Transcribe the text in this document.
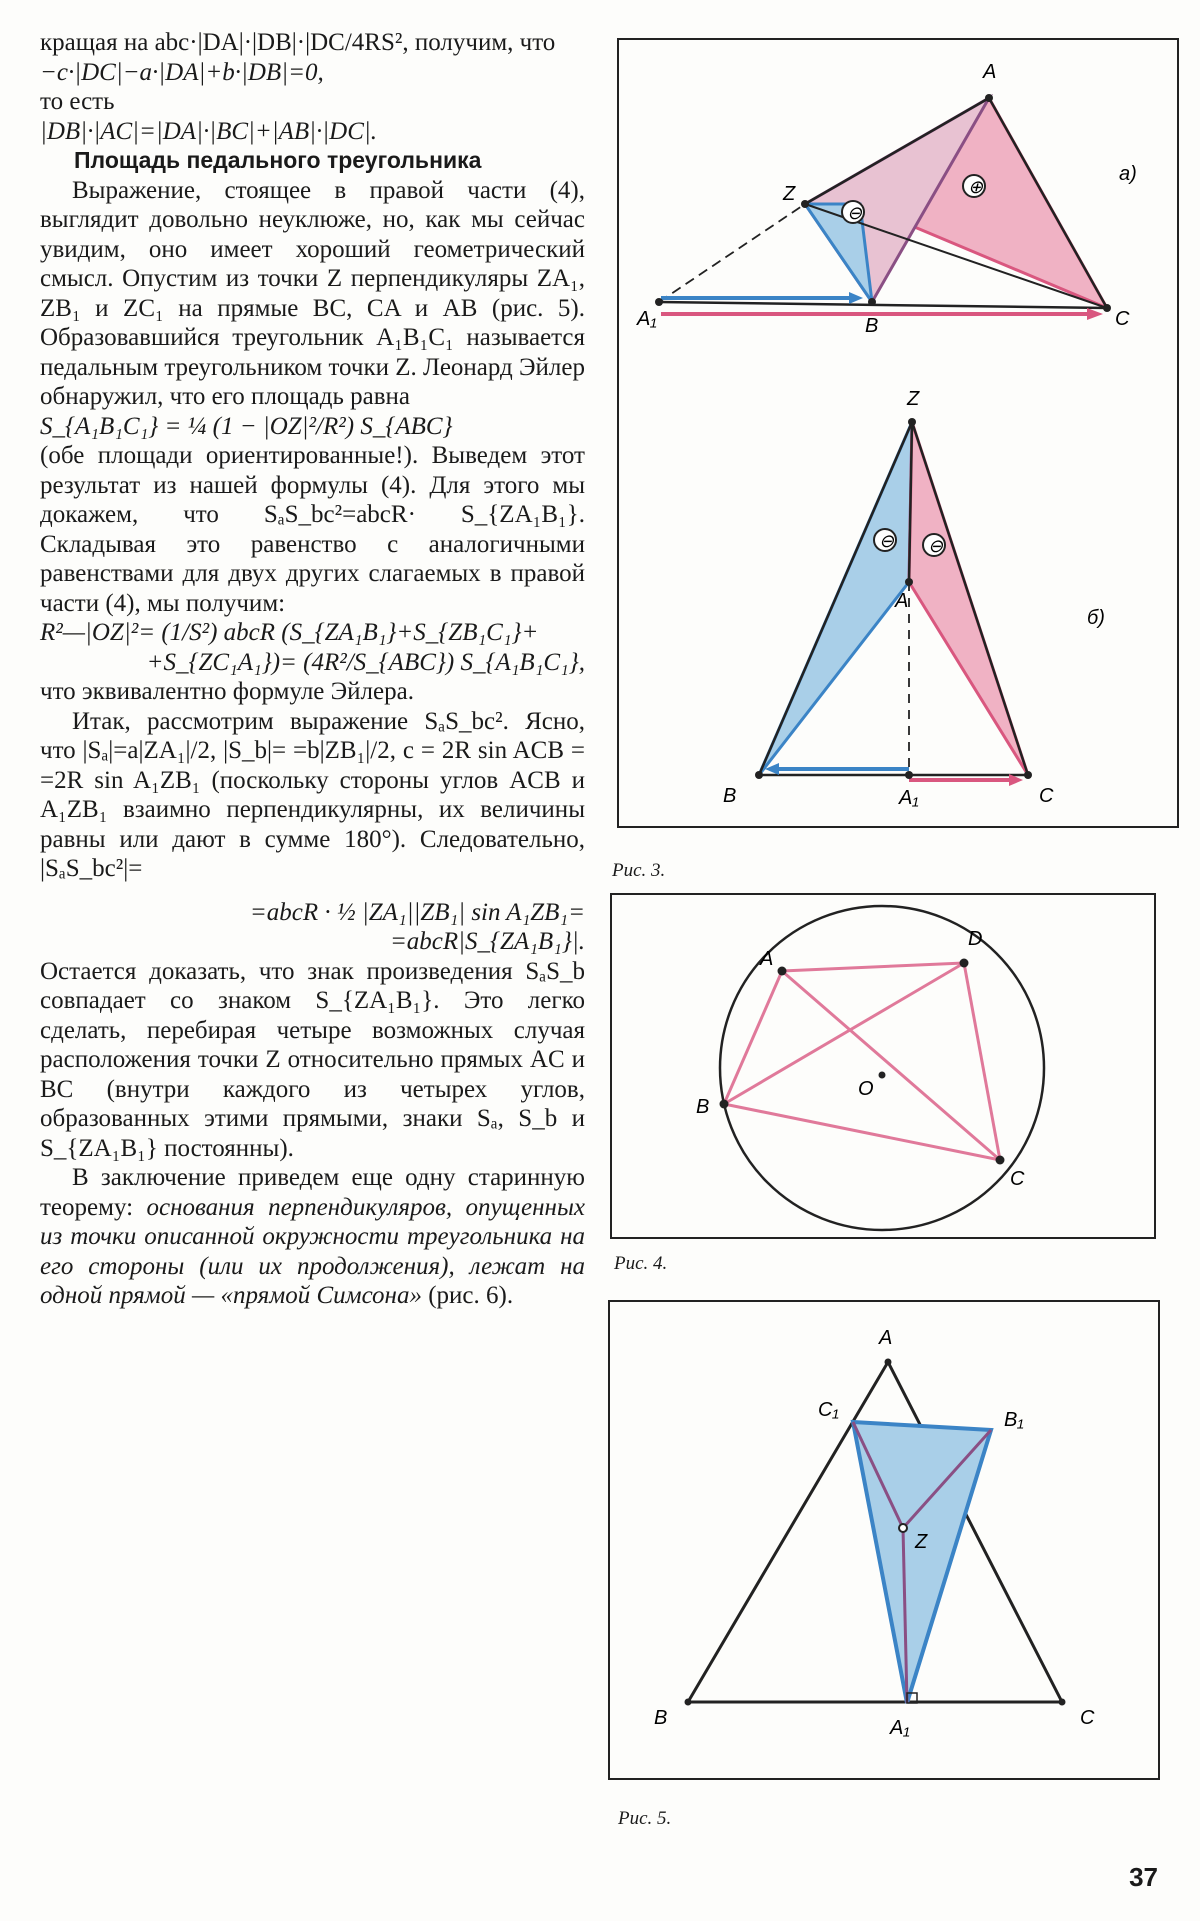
кращая на abc·|DA|·|DB|·|DC/4RS², получим, что

−c·|DC|−a·|DA|+b·|DB|=0,

то есть

|DB|·|AC|=|DA|·|BC|+|AB|·|DC|.

Площадь педального треугольника

Выражение, стоящее в правой части (4), выглядит довольно неуклюже, но, как мы сейчас увидим, оно имеет хороший геометрический смысл. Опустим из точки Z перпендикуляры ZA₁, ZB₁ и ZC₁ на прямые BC, CA и AB (рис. 5). Образовавшийся треугольник A₁B₁C₁ называется педальным треугольником точки Z. Леонард Эйлер обнаружил, что его площадь равна

S_{A₁B₁C₁} = ¼ (1 − |OZ|²/R²) S_{ABC}

(обе площади ориентированные!). Выведем этот результат из нашей формулы (4). Для этого мы докажем, что SₐS_bc²=abcR· S_{ZA₁B₁}. Складывая это равенство с аналогичными равенствами для двух других слагаемых в правой части (4), мы получим:

R²—|OZ|²= (1/S²) abcR (S_{ZA₁B₁}+S_{ZB₁C₁}+

+S_{ZC₁A₁})= (4R²/S_{ABC}) S_{A₁B₁C₁},

что эквивалентно формуле Эйлера.

Итак, рассмотрим выражение SₐS_bc². Ясно, что |Sₐ|=a|ZA₁|/2, |S_b|= =b|ZB₁|/2, c = 2R sin ACB = =2R sin A₁ZB₁ (поскольку стороны углов ACB и A₁ZB₁ взаимно перпендикулярны, их величины равны или дают в сумме 180°). Следовательно, |SₐS_bc²|=

=abcR · ½ |ZA₁||ZB₁| sin A₁ZB₁=

=abcR|S_{ZA₁B₁}|.

Остается доказать, что знак произведения SₐS_b совпадает со знаком S_{ZA₁B₁}. Это легко сделать, перебирая четыре возможных случая расположения точки Z относительно прямых AC и BC (внутри каждого из четырех углов, образованных этими прямыми, знаки Sₐ, S_b и S_{ZA₁B₁} постоянны).

В заключение приведем еще одну старинную теорему: основания перпендикуляров, опущенных из точки описанной окружности треугольника на его стороны (или их продолжения), лежат на одной прямой — «прямой Симсона» (рис. 6).

⊖
⊕
A
Z
A₁	B	C
а)
⊖ ⊖
Z
A
B	A₁	C
б)
Рис. 3.
A
D
O
B
C
Рис. 4.
A
C₁	B₁
Z
B	A₁	C
Рис. 5.
37
